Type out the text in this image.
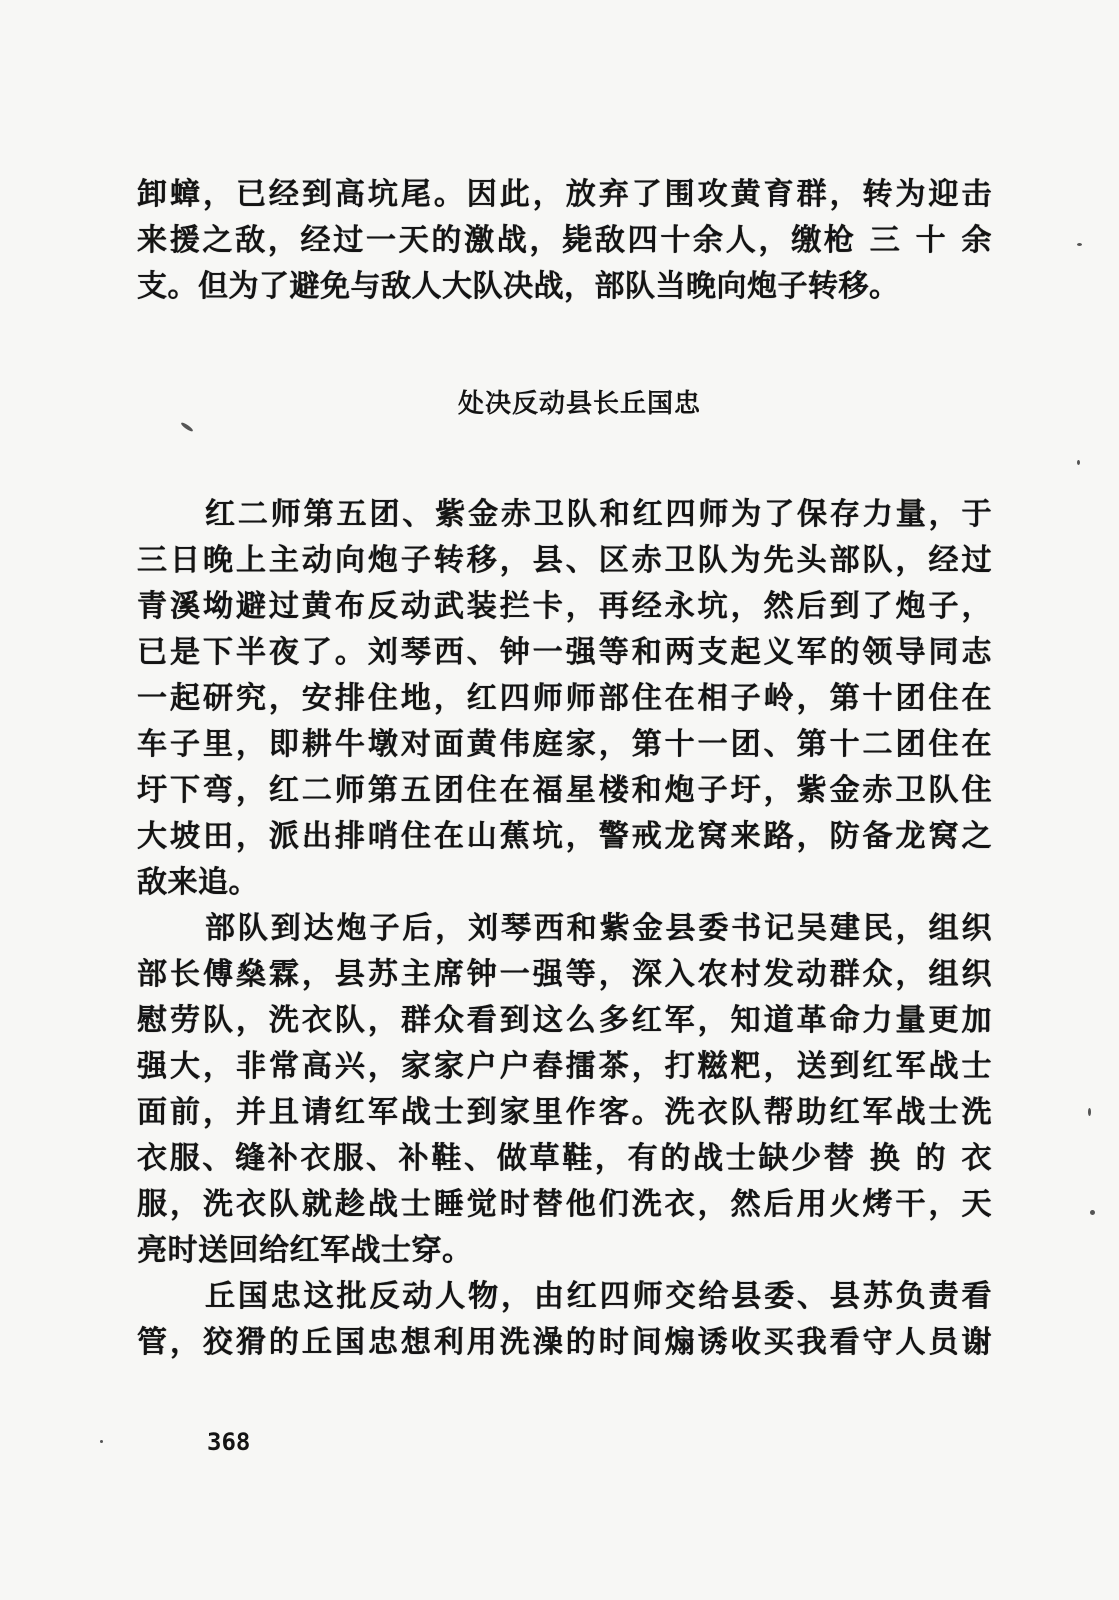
卸蟑，已经到高坑尾。因此，放弃了围攻黄育群，转为迎击
来援之敌，经过一天的激战，毙敌四十余人，缴枪 三 十 余
支。但为了避免与敌人大队决战，部队当晚向炮子转移。
处决反动县长丘国忠
红二师第五团、紫金赤卫队和红四师为了保存力量，于
三日晚上主动向炮子转移，县、区赤卫队为先头部队，经过
青溪坳避过黄布反动武装拦卡，再经永坑，然后到了炮子，
已是下半夜了。刘琴西、钟一强等和两支起义军的领导同志
一起研究，安排住地，红四师师部住在相子岭，第十团住在
车子里，即耕牛墩对面黄伟庭家，第十一团、第十二团住在
圩下弯，红二师第五团住在福星楼和炮子圩，紫金赤卫队住
大坡田，派出排哨住在山蕉坑，警戒龙窝来路，防备龙窝之
敌来追。
部队到达炮子后，刘琴西和紫金县委书记吴建民，组织
部长傅燊霖，县苏主席钟一强等，深入农村发动群众，组织
慰劳队，洗衣队，群众看到这么多红军，知道革命力量更加
强大，非常高兴，家家户户舂擂茶，打糍粑，送到红军战士
面前，并且请红军战士到家里作客。洗衣队帮助红军战士洗
衣服、缝补衣服、补鞋、做草鞋，有的战士缺少替 换 的 衣
服，洗衣队就趁战士睡觉时替他们洗衣，然后用火烤干，天
亮时送回给红军战士穿。
丘国忠这批反动人物，由红四师交给县委、县苏负责看
管，狡猾的丘国忠想利用洗澡的时间煽诱收买我看守人员谢
368
